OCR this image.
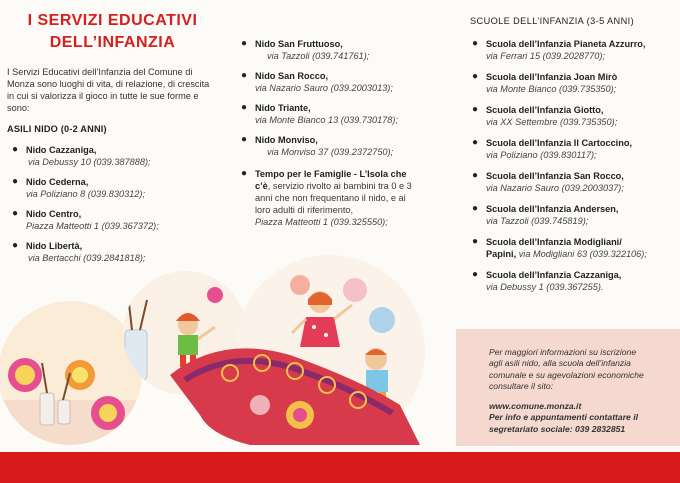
I SERVIZI EDUCATIVI
DELL’INFANZIA
I Servizi Educativi dell’Infanzia del Comune di Monza sono luoghi di vita, di relazione, di crescita in cui si valorizza il gioco in tutte le sue forme e sono:
ASILI NIDO (0-2 ANNI)
● Nido Cazzaniga,
via Debussy 10 (039.387888);
● Nido Cederna,
via Poliziano 8 (039.830312);
● Nido Centro,
Piazza Matteotti 1 (039.367372);
● Nido Libertà,
via Bertacchi (039.2841818);
● Nido San Fruttuoso,
via Tazzoli (039.741761);
● Nido San Rocco,
via Nazario Sauro (039.2003013);
● Nido Triante,
via Monte Bianco 13 (039.730178);
● Nido Monviso,
via Monviso 37 (039.2372750);
● Tempo per le Famiglie - L’Isola che
c’è, servizio rivolto ai bambini tra 0 e 3
anni che non frequentano il nido, e ai
loro adulti di riferimento,
Piazza Matteotti 1 (039.325550);
SCUOLE DELL’INFANZIA (3-5 ANNI)
● Scuola dell’Infanzia Pianeta Azzurro,
via Ferrari 15 (039.2028770);
● Scuola dell’Infanzia Joan Mirò
via Monte Bianco (039.735350);
● Scuola dell’Infanzia Giotto,
via XX Settembre (039.735350);
● Scuola dell’Infanzia Il Cartoccino,
via Poliziano (039.830117);
● Scuola dell’Infanzia San Rocco,
via Nazario Sauro (039.2003037);
● Scuola dell’Infanzia Andersen,
via Tazzoli (039.745819);
● Scuola dell’Infanzia Modigliani/
Papini, via Modigliani 63 (039.322106);
● Scuola dell’Infanzia Cazzaniga,
via Debussy 1 (039.367255).
Per maggiori informazioni su iscrizione
agli asili nido, alla scuola dell’infanzia
comunale e su agevolazioni economiche
consultare il sito:
www.comune.monza.it
Per info e appuntamenti contattare il
segretariato sociale: 039 2832851
